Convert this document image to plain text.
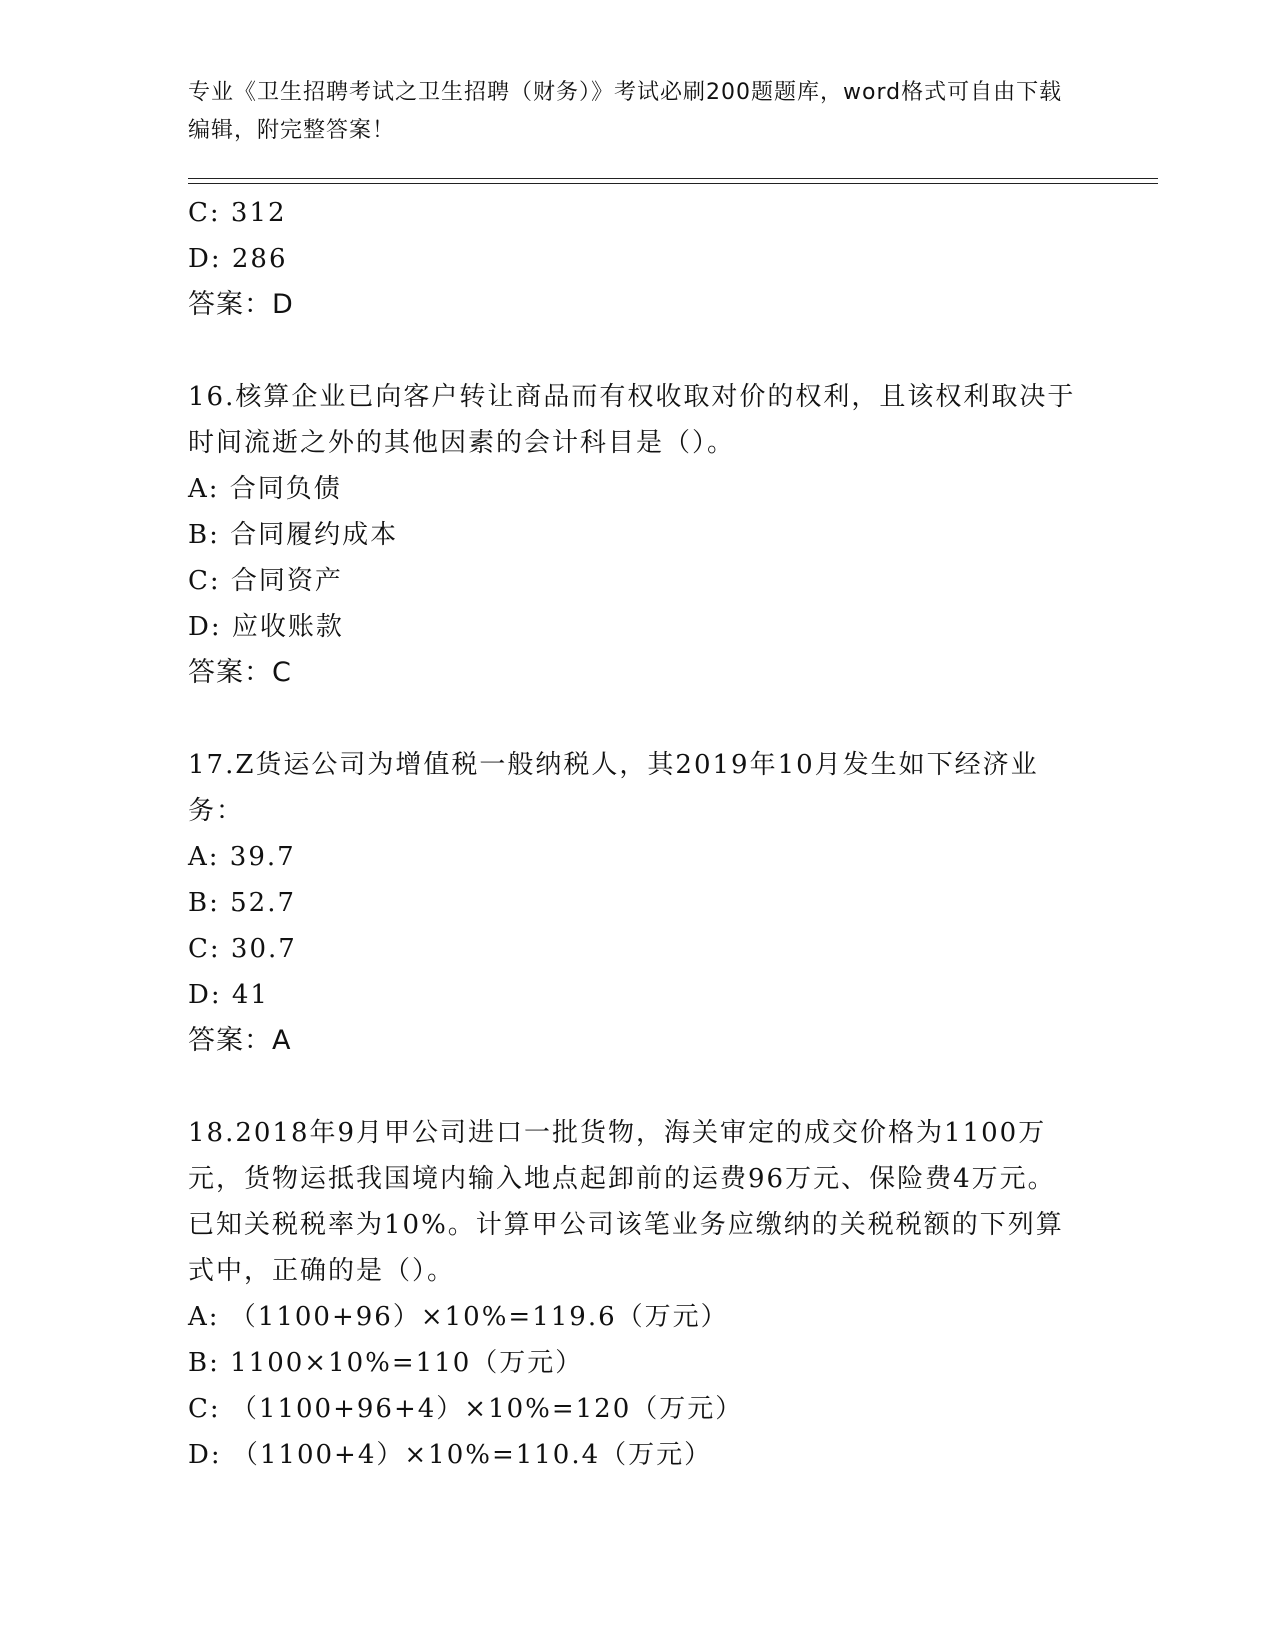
专业《卫生招聘考试之卫生招聘（财务）》考试必刷200题题库，word格式可自由下载编辑，附完整答案！
C: 312
D: 286
答案：D
16.核算企业已向客户转让商品而有权收取对价的权利，且该权利取决于时间流逝之外的其他因素的会计科目是（）。
A: 合同负债
B: 合同履约成本
C: 合同资产
D: 应收账款
答案：C
17.Z货运公司为增值税一般纳税人，其2019年10月发生如下经济业务：
A: 39.7
B: 52.7
C: 30.7
D: 41
答案：A
18.2018年9月甲公司进口一批货物，海关审定的成交价格为1100万元，货物运抵我国境内输入地点起卸前的运费96万元、保险费4万元。已知关税税率为10%。计算甲公司该笔业务应缴纳的关税税额的下列算式中，正确的是（）。
A: （1100+96）×10%=119.6（万元）
B: 1100×10%=110（万元）
C: （1100+96+4）×10%=120（万元）
D: （1100+4）×10%=110.4（万元）
